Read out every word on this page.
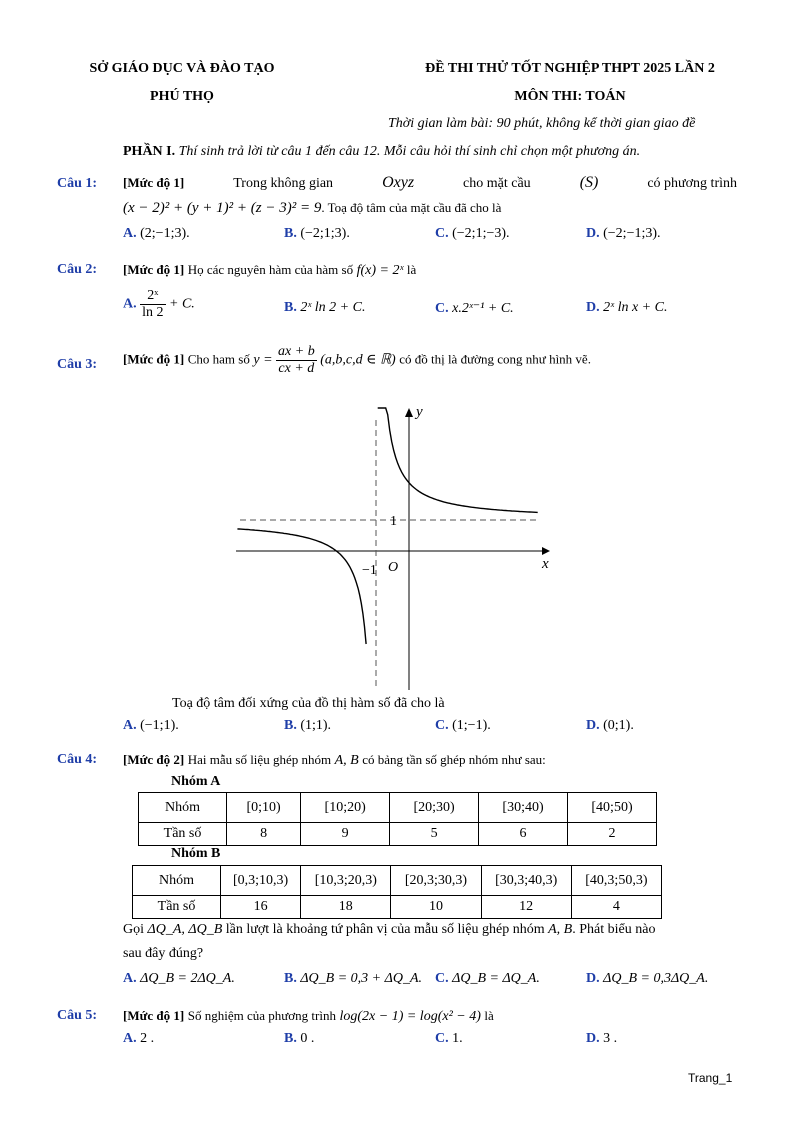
SỞ GIÁO DỤC VÀ ĐÀO TẠO
PHÚ THỌ
ĐỀ THI THỬ TỐT NGHIỆP THPT 2025 LẦN 2
MÔN THI: TOÁN
Thời gian làm bài: 90 phút, không kể thời gian giao đề
PHẦN I. Thí sinh trả lời từ câu 1 đến câu 12. Mỗi câu hỏi thí sinh chỉ chọn một phương án.
Câu 1: [Mức độ 1]	Trong không gian	Oxyz	cho mặt cầu	(S)	có phương trình
(x − 2)² + (y + 1)² + (z − 3)² = 9. Toạ độ tâm của mặt cầu đã cho là
A. (2;−1;3).	B. (−2;1;3).	C. (−2;1;−3).	D. (−2;−1;3).
Câu 2: [Mức độ 1] Họ các nguyên hàm của hàm số f(x) = 2ˣ là
A. $\frac{\text{2ˣ}}{\ln 2} + C$.	B. 2ˣ ln 2 + C.	C. x.2ˣ⁻¹ + C.	D. 2ˣ ln x + C.
Câu 3: [Mức độ 1] Cho ham số $y = \frac{ax + b}{cx + d} (a,b,c,d$ ∈ ℝ) có đồ thị là đường cong như hình vẽ.
y
x
1
−1 O
Toạ độ tâm đối xứng của đồ thị hàm số đã cho là
A. (−1;1).	B. (1;1).	C. (1;−1).	D. (0;1).
Câu 4: [Mức độ 2] Hai mẫu số liệu ghép nhóm A, B có bảng tần số ghép nhóm như sau:
Nhóm A
Nhóm	[0;10)	[10;20)	[20;30)	[30;40)	[40;50)
Tần số	8	9	5	6	2
Nhóm B
Nhóm	[0,3;10,3)	[10,3;20,3)	[20,3;30,3)	[30,3;40,3)	[40,3;50,3)
Tần số	16	18	10	12	4
Gọi ΔQ_A, ΔQ_B lần lượt là khoảng tứ phân vị của mẫu số liệu ghép nhóm A, B. Phát biểu nào
sau đây đúng?
A. ΔQ_B = 2ΔQ_A.	B. ΔQ_B = 0,3 + ΔQ_A. C. ΔQ_B = ΔQ_A.	D. ΔQ_B = 0,3ΔQ_A.
Câu 5: [Mức độ 1] Số nghiệm của phương trình log(2x − 1) = log(x² − 4) là
A. 2 .	B. 0 .	C. 1.	D. 3 .
Trang_1
